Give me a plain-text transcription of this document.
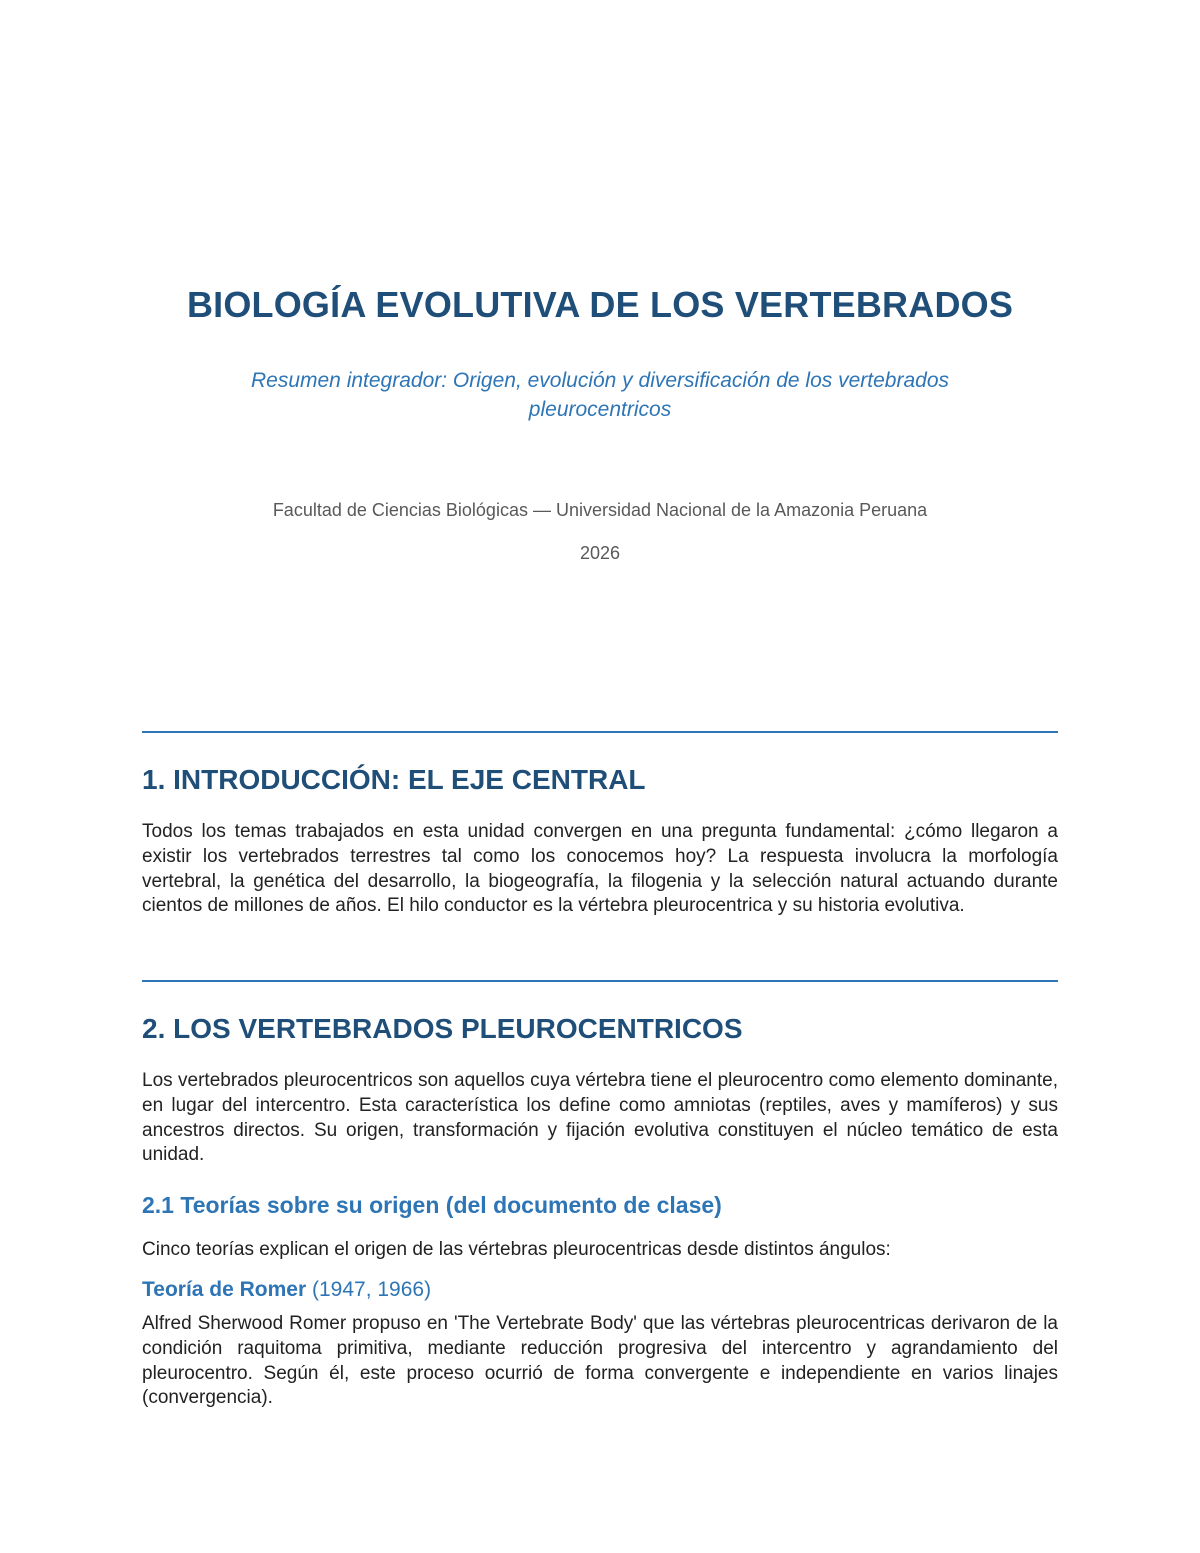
BIOLOGÍA EVOLUTIVA DE LOS VERTEBRADOS

Resumen integrador: Origen, evolución y diversificación de los vertebrados pleurocentricos

Facultad de Ciencias Biológicas — Universidad Nacional de la Amazonia Peruana

2026

1. INTRODUCCIÓN: EL EJE CENTRAL

Todos los temas trabajados en esta unidad convergen en una pregunta fundamental: ¿cómo llegaron a existir los vertebrados terrestres tal como los conocemos hoy? La respuesta involucra la morfología vertebral, la genética del desarrollo, la biogeografía, la filogenia y la selección natural actuando durante cientos de millones de años. El hilo conductor es la vértebra pleurocentrica y su historia evolutiva.

2. LOS VERTEBRADOS PLEUROCENTRICOS

Los vertebrados pleurocentricos son aquellos cuya vértebra tiene el pleurocentro como elemento dominante, en lugar del intercentro. Esta característica los define como amniotas (reptiles, aves y mamíferos) y sus ancestros directos. Su origen, transformación y fijación evolutiva constituyen el núcleo temático de esta unidad.

2.1 Teorías sobre su origen (del documento de clase)

Cinco teorías explican el origen de las vértebras pleurocentricas desde distintos ángulos:

Teoría de Romer (1947, 1966)

Alfred Sherwood Romer propuso en 'The Vertebrate Body' que las vértebras pleurocentricas derivaron de la condición raquitoma primitiva, mediante reducción progresiva del intercentro y agrandamiento del pleurocentro. Según él, este proceso ocurrió de forma convergente e independiente en varios linajes (convergencia).
